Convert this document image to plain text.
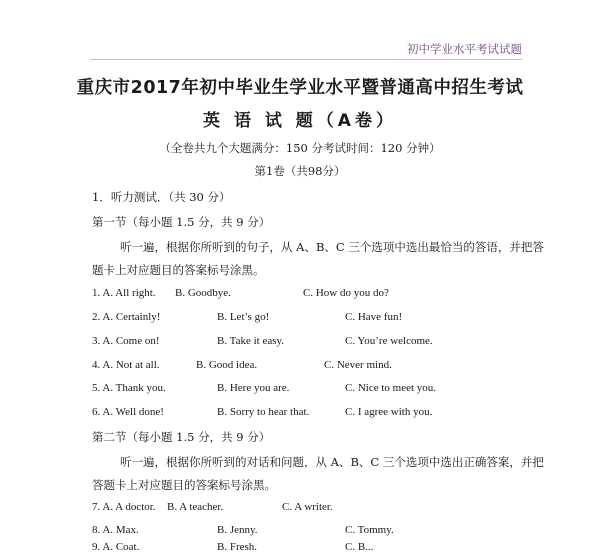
初中学业水平考试试题
重庆市2017年初中毕业生学业水平暨普通高中招生考试
英 语 试 题（A卷）
（全卷共九个大题满分：150 分考试时间：120 分钟）
第1卷（共98分）
1．听力测试．（共 30 分）
第一节（每小题 1.5 分，共 9 分）
听一遍，根据你所听到的句子，从 A、B、C 三个选项中选出最恰当的答语，并把答
题卡上对应题目的答案标号涂黑。
1. A. All right. B. Goodbye.	C. How do you do?
2. A. Certainly!	B. Let’s go!	C. Have fun!
3. A. Come on!	B. Take it easy.	C. You’re welcome.
4. A. Not at all.	B. Good idea.	C. Never mind.
5. A. Thank you.	B. Here you are.	C. Nice to meet you.
6. A. Well done!	B. Sorry to hear that.	C. I agree with you.
第二节（每小题 1.5 分，共 9 分）
听一遍，根据你所听到的对话和问题，从 A、B、C 三个选项中选出正确答案，并把
答题卡上对应题目的答案标号涂黑。
7. A. A doctor. B. A teacher.	C. A writer.
8. A. Max.	B. Jenny.	C. Tommy.
9. A. Coat.	B. Fresh.	C. B...
